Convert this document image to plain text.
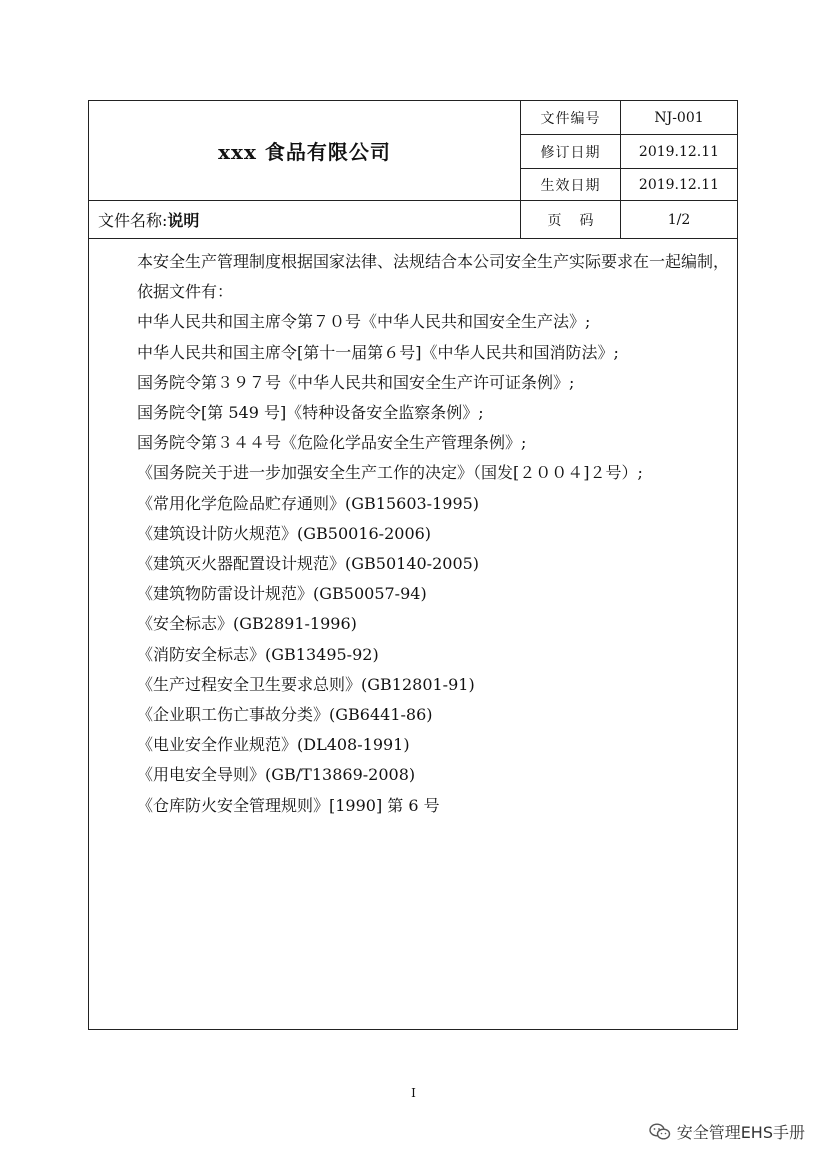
xxx 食品有限公司
文件编号	NJ-001
修订日期	2019.12.11
生效日期	2019.12.11
文件名称: 说明	页码	1/2

本安全生产管理制度根据国家法律、法规结合本公司安全生产实际要求在一起编制，

依据文件有：

中华人民共和国主席令第７０号《中华人民共和国安全生产法》;

中华人民共和国主席令[第十一届第６号]《中华人民共和国消防法》;

国务院令第３９７号《中华人民共和国安全生产许可证条例》;

国务院令[第 549 号]《特种设备安全监察条例》;

国务院令第３４４号《危险化学品安全生产管理条例》;

《国务院关于进一步加强安全生产工作的决定》（国发[２００４]２号）;

《常用化学危险品贮存通则》(GB15603-1995)

《建筑设计防火规范》(GB50016-2006)

《建筑灭火器配置设计规范》(GB50140-2005)

《建筑物防雷设计规范》(GB50057-94)

《安全标志》(GB2891-1996)

《消防安全标志》(GB13495-92)

《生产过程安全卫生要求总则》(GB12801-91)

《企业职工伤亡事故分类》(GB6441-86)

《电业安全作业规范》(DL408-1991)

《用电安全导则》(GB/T13869-2008)

《仓库防火安全管理规则》[1990] 第 6 号

I
安全管理EHS手册
